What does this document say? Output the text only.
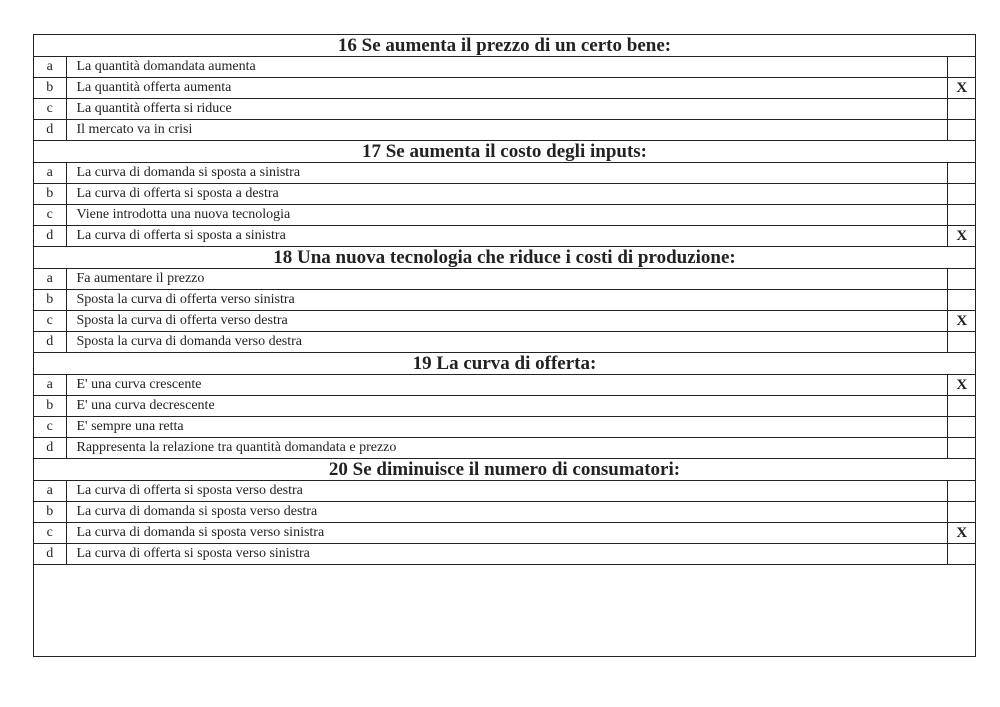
16 Se aumenta il prezzo di un certo bene:		
a	La quantità domandata aumenta	
b	La quantità offerta aumenta	X
c	La quantità offerta si riduce	
d	Il mercato va in crisi	
17 Se aumenta il costo degli inputs:		
a	La curva di domanda si sposta a sinistra	
b	La curva di offerta si sposta a destra	
c	Viene introdotta una nuova tecnologia	
d	La curva di offerta si sposta a sinistra	X
18 Una nuova tecnologia che riduce i costi di produzione:		
a	Fa aumentare il prezzo	
b	Sposta la curva di offerta verso sinistra	
c	Sposta la curva di offerta verso destra	X
d	Sposta la curva di domanda verso destra	
19 La curva di offerta:		
a	E' una curva crescente	X
b	E' una curva decrescente	
c	E' sempre una retta	
d	Rappresenta la relazione tra quantità domandata e prezzo	
20 Se diminuisce il numero di consumatori:		
a	La curva di offerta si sposta verso destra	
b	La curva di domanda si sposta verso destra	
c	La curva di domanda si sposta verso sinistra	X
d	La curva di offerta si sposta verso sinistra	
